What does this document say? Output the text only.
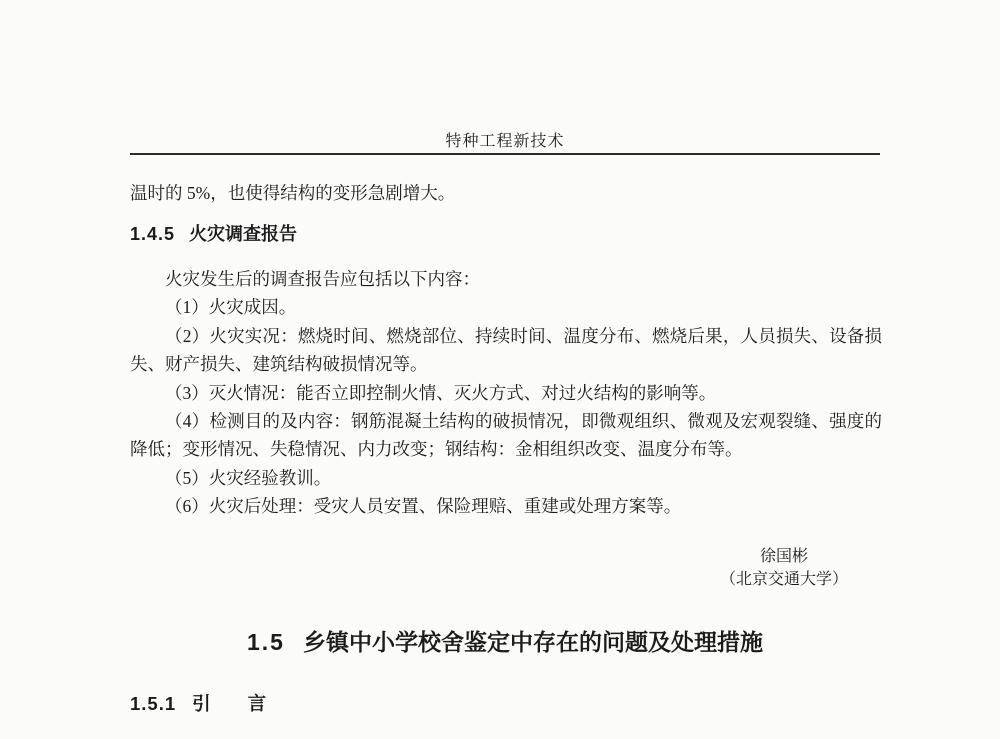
特种工程新技术
温时的 5%，也使得结构的变形急剧增大。
1.4.5 火灾调查报告

火灾发生后的调查报告应包括以下内容：

（1）火灾成因。

（2）火灾实况：燃烧时间、燃烧部位、持续时间、温度分布、燃烧后果，人员损失、设备损失、财产损失、建筑结构破损情况等。

（3）灭火情况：能否立即控制火情、灭火方式、对过火结构的影响等。

（4）检测目的及内容：钢筋混凝土结构的破损情况，即微观组织、微观及宏观裂缝、强度的降低；变形情况、失稳情况、内力改变；钢结构：金相组织改变、温度分布等。

（5）火灾经验教训。

（6）火灾后处理：受灾人员安置、保险理赔、重建或处理方案等。

徐国彬
（北京交通大学）
1.5 乡镇中小学校舍鉴定中存在的问题及处理措施
1.5.1 引　　言
